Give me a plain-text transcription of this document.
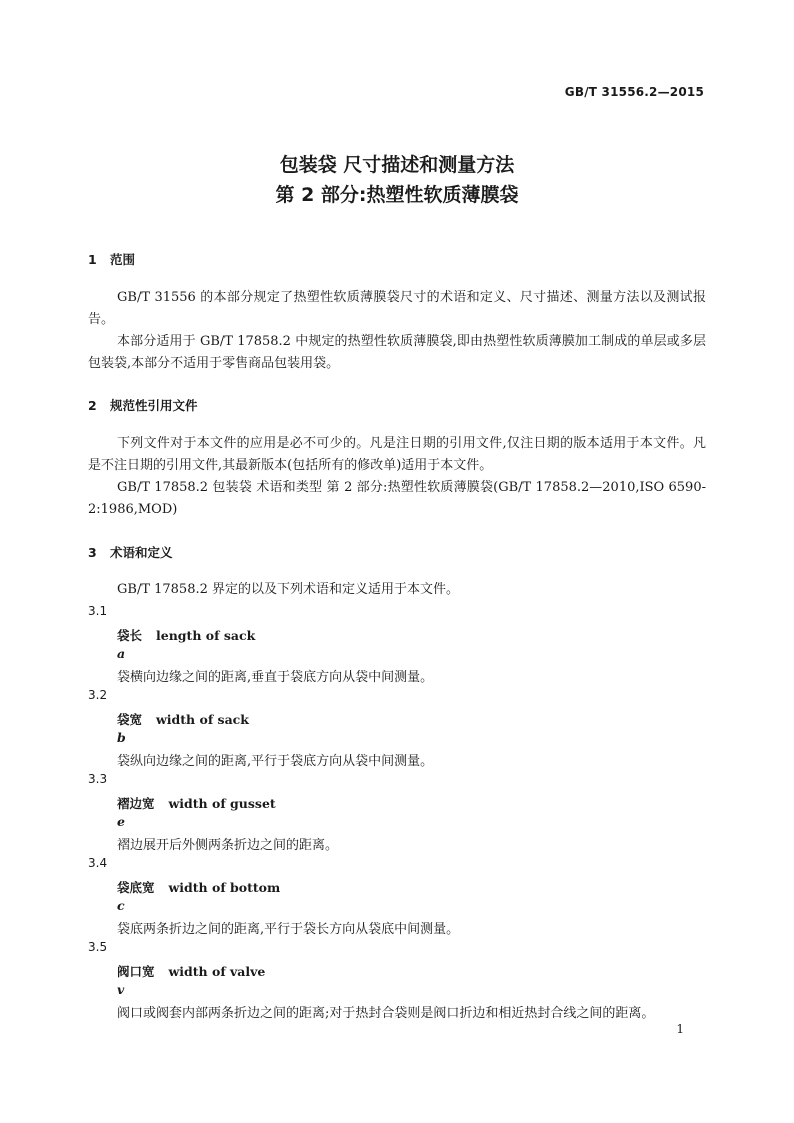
GB/T 31556.2—2015
包装袋 尺寸描述和测量方法
第 2 部分:热塑性软质薄膜袋
1 范围
GB/T 31556 的本部分规定了热塑性软质薄膜袋尺寸的术语和定义、尺寸描述、测量方法以及测试报告。
本部分适用于 GB/T 17858.2 中规定的热塑性软质薄膜袋,即由热塑性软质薄膜加工制成的单层或多层包装袋,本部分不适用于零售商品包装用袋。
2 规范性引用文件
下列文件对于本文件的应用是必不可少的。凡是注日期的引用文件,仅注日期的版本适用于本文件。凡是不注日期的引用文件,其最新版本(包括所有的修改单)适用于本文件。
GB/T 17858.2 包装袋 术语和类型 第 2 部分:热塑性软质薄膜袋(GB/T 17858.2—2010,ISO 6590-2:1986,MOD)
3 术语和定义
GB/T 17858.2 界定的以及下列术语和定义适用于本文件。
3.1
袋长 length of sack
a
袋横向边缘之间的距离,垂直于袋底方向从袋中间测量。
3.2
袋宽 width of sack
b
袋纵向边缘之间的距离,平行于袋底方向从袋中间测量。
3.3
褶边宽 width of gusset
e
褶边展开后外侧两条折边之间的距离。
3.4
袋底宽 width of bottom
c
袋底两条折边之间的距离,平行于袋长方向从袋底中间测量。
3.5
阀口宽 width of valve
v
阀口或阀套内部两条折边之间的距离;对于热封合袋则是阀口折边和相近热封合线之间的距离。
1
